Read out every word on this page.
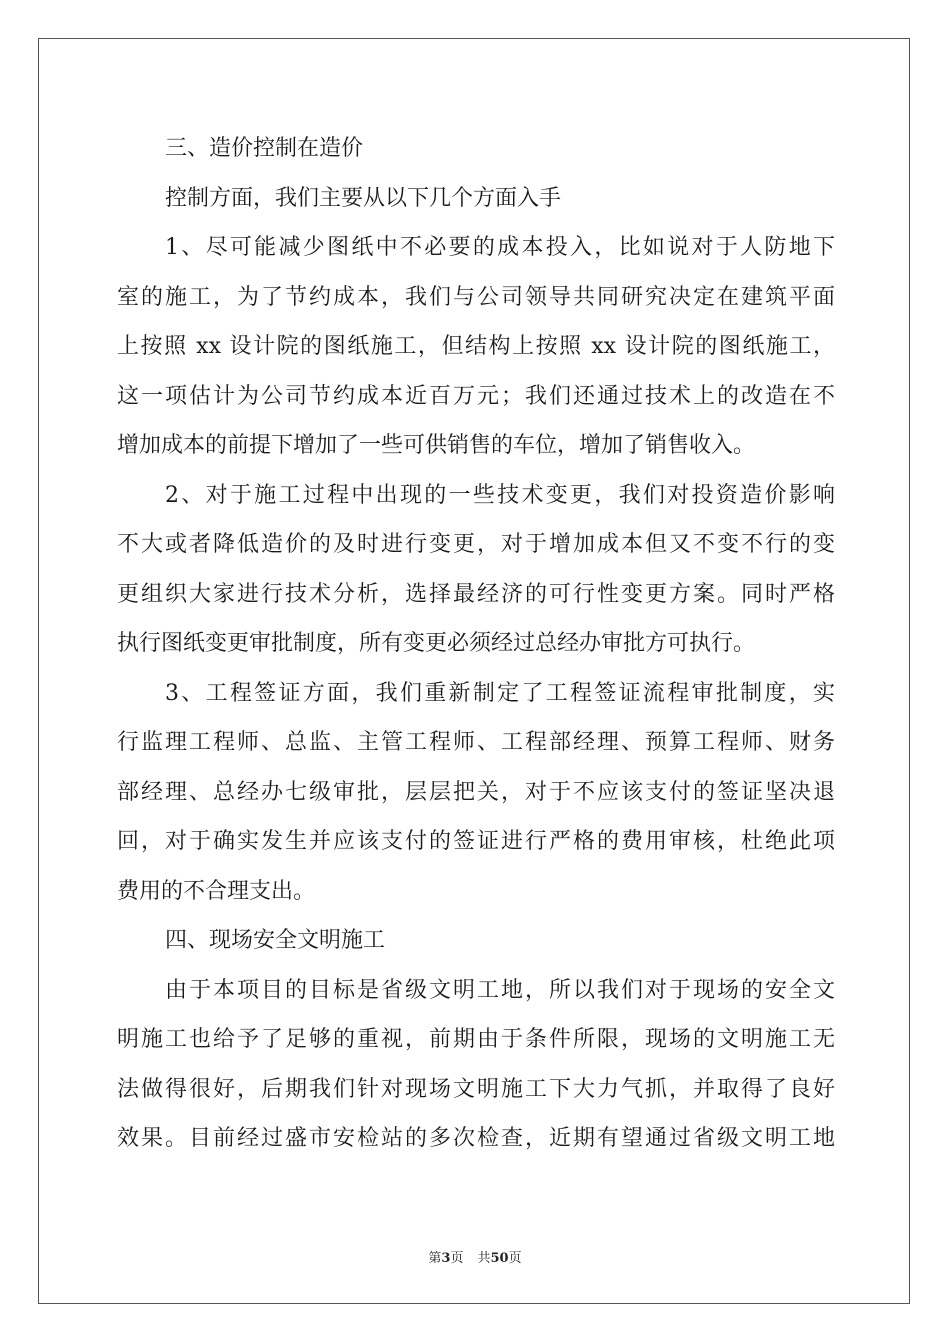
三、造价控制在造价
控制方面，我们主要从以下几个方面入手
1、尽可能减少图纸中不必要的成本投入，比如说对于人防地下
室的施工，为了节约成本，我们与公司领导共同研究决定在建筑平面
上按照 xx 设计院的图纸施工，但结构上按照 xx 设计院的图纸施工，
这一项估计为公司节约成本近百万元；我们还通过技术上的改造在不
增加成本的前提下增加了一些可供销售的车位，增加了销售收入。
2、对于施工过程中出现的一些技术变更，我们对投资造价影响
不大或者降低造价的及时进行变更，对于增加成本但又不变不行的变
更组织大家进行技术分析，选择最经济的可行性变更方案。同时严格
执行图纸变更审批制度，所有变更必须经过总经办审批方可执行。
3、工程签证方面，我们重新制定了工程签证流程审批制度，实
行监理工程师、总监、主管工程师、工程部经理、预算工程师、财务
部经理、总经办七级审批，层层把关，对于不应该支付的签证坚决退
回，对于确实发生并应该支付的签证进行严格的费用审核，杜绝此项
费用的不合理支出。
四、现场安全文明施工
由于本项目的目标是省级文明工地，所以我们对于现场的安全文
明施工也给予了足够的重视，前期由于条件所限，现场的文明施工无
法做得很好，后期我们针对现场文明施工下大力气抓，并取得了良好
效果。目前经过盛市安检站的多次检查，近期有望通过省级文明工地
第3页 共50页
